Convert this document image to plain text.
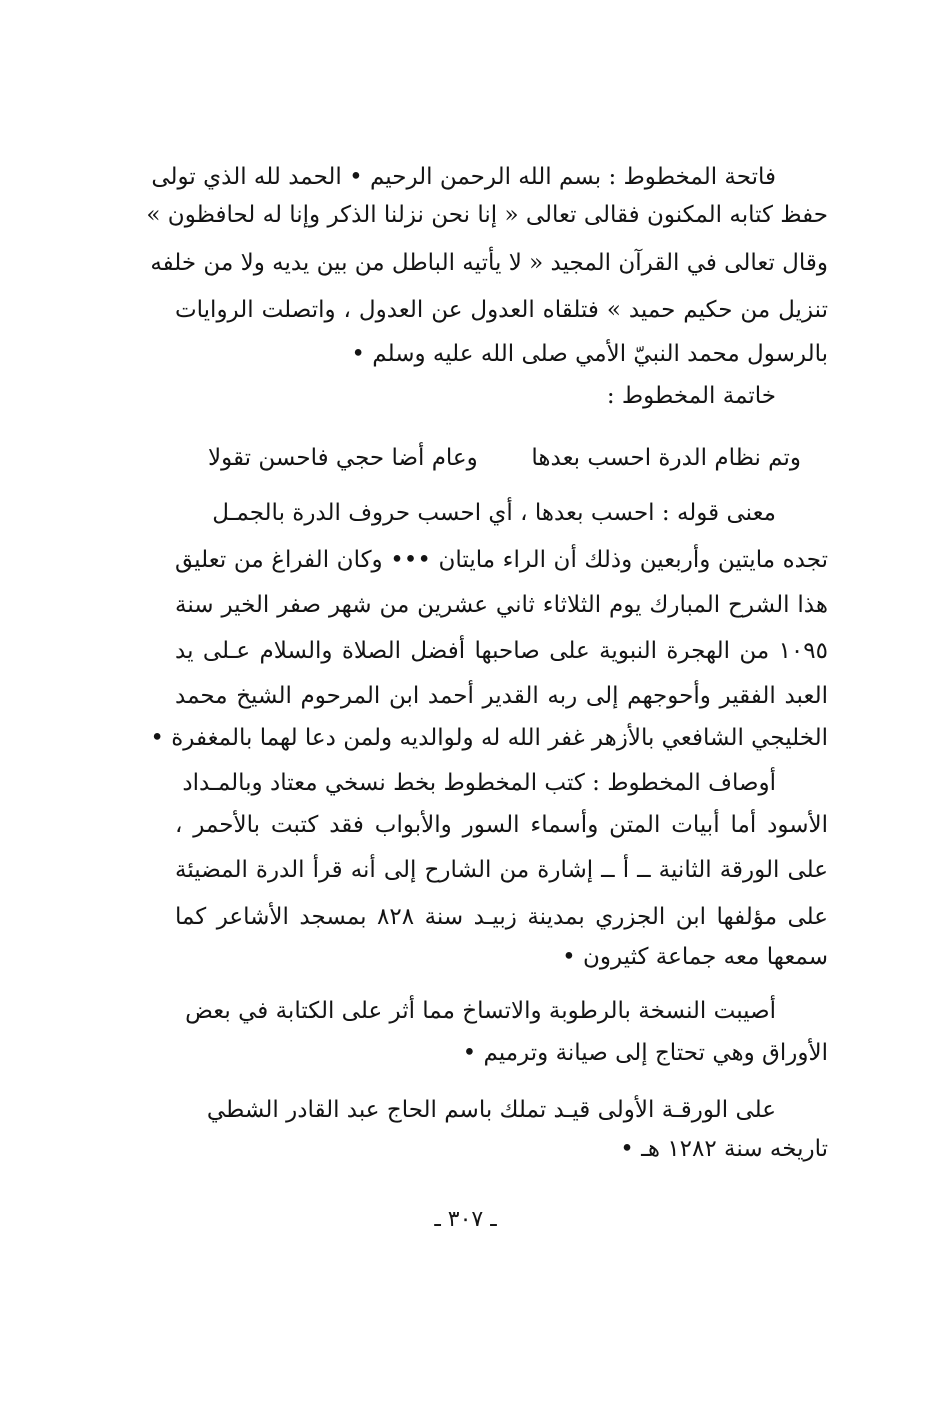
فاتحة المخطوط : بسم الله الرحمن الرحيم • الحمد لله الذي تولى
حفظ كتابه المكنون فقالى تعالى « إنا نحن نزلنا الذكر وإنا له لحافظون »
وقال تعالى في القرآن المجيد « لا يأتيه الباطل من بين يديه ولا من خلفه
تنزيل من حكيم حميد » فتلقاه العدول عن العدول ، واتصلت الروايات
بالرسول محمد النبيّ الأمي صلى الله عليه وسلم •
خاتمة المخطوط :
وتم نظام الدرة احسب بعدها
وعام أضا حجي فاحسن تقولا
معنى قوله : احسب بعدها ، أي احسب حروف الدرة بالجمـل
تجده مايتين وأربعين وذلك أن الراء مايتان ••• وكان الفراغ من تعليق
هذا الشرح المبارك يوم الثلاثاء ثاني عشرين من شهر صفر الخير سنة
١٠٩٥ من الهجرة النبوية على صاحبها أفضل الصلاة والسلام عـلى يد
العبد الفقير وأحوجهم إلى ربه القدير أحمد ابن المرحوم الشيخ محمد
الخليجي الشافعي بالأزهر غفر الله له ولوالديه ولمن دعا لهما بالمغفرة •
أوصاف المخطوط : كتب المخطوط بخط نسخي معتاد وبالمـداد
الأسود أما أبيات المتن وأسماء السور والأبواب فقد كتبت بالأحمر ،
على الورقة الثانية ــ أ ــ إشارة من الشارح إلى أنه قرأ الدرة المضيئة
على مؤلفها ابن الجزري بمدينة زبيـد سنة ٨٢٨ بمسجد الأشاعر كما
سمعها معه جماعة كثيرون •
أصيبت النسخة بالرطوبة والاتساخ مما أثر على الكتابة في بعض
الأوراق وهي تحتاج إلى صيانة وترميم •
على الورقـة الأولى قيـد تملك باسم الحاج عبد القادر الشطي
تاريخه سنة ١٢٨٢ هـ •
ـ ٣٠٧ ـ
